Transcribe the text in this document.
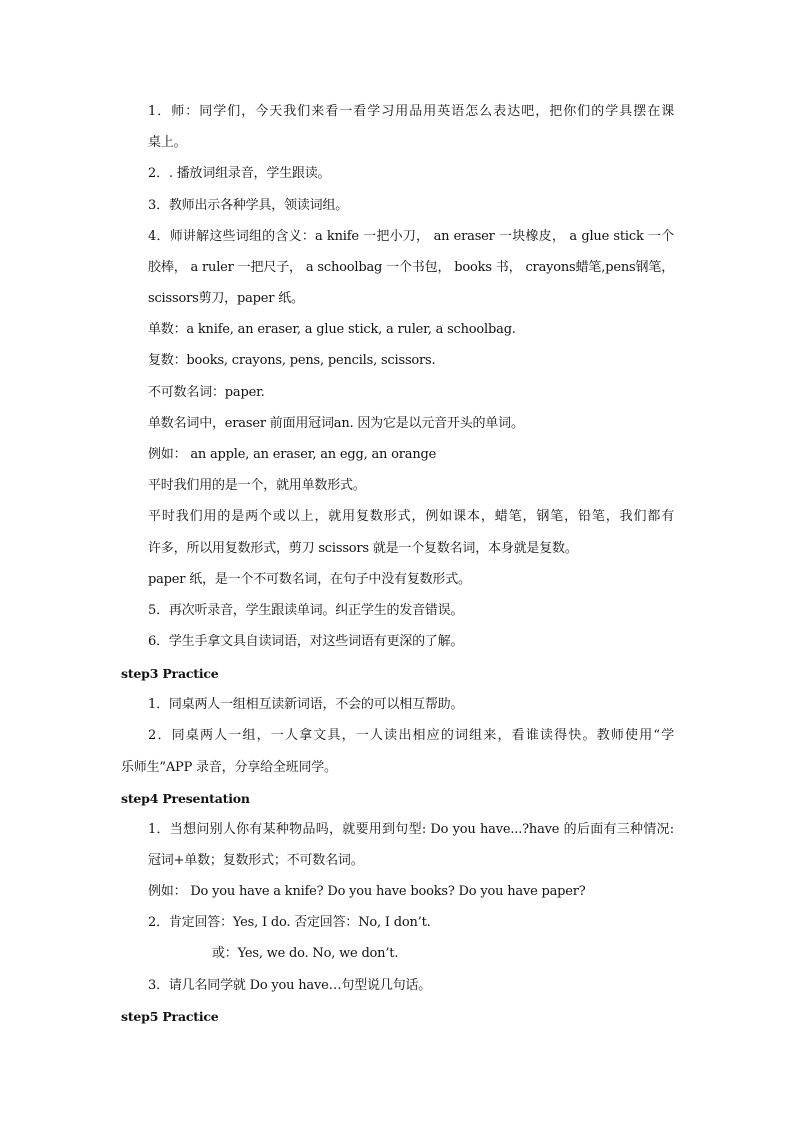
1．师：同学们，今天我们来看一看学习用品用英语怎么表达吧，把你们的学具摆在课
桌上。
2．. 播放词组录音，学生跟读。
3．教师出示各种学具，领读词组。
4．师讲解这些词组的含义：a knife 一把小刀， an eraser 一块橡皮， a glue stick 一个
胶棒， a ruler 一把尺子， a schoolbag 一个书包， books 书， crayons蜡笔,pens钢笔，
scissors剪刀，paper 纸。
单数：a knife, an eraser, a glue stick, a ruler, a schoolbag.
复数：books, crayons, pens, pencils, scissors.
不可数名词：paper.
单数名词中，eraser 前面用冠词an. 因为它是以元音开头的单词。
例如： an apple, an eraser, an egg, an orange
平时我们用的是一个，就用单数形式。
平时我们用的是两个或以上，就用复数形式，例如课本，蜡笔，钢笔，铅笔，我们都有
许多，所以用复数形式，剪刀 scissors 就是一个复数名词，本身就是复数。
paper 纸，是一个不可数名词，在句子中没有复数形式。
5．再次听录音，学生跟读单词。纠正学生的发音错误。
6．学生手拿文具自读词语，对这些词语有更深的了解。
step3 Practice
1．同桌两人一组相互读新词语，不会的可以相互帮助。
2．同桌两人一组，一人拿文具，一人读出相应的词组来，看谁读得快。教师使用“学
乐师生”APP 录音，分享给全班同学。
step4 Presentation
1．当想问别人你有某种物品吗，就要用到句型: Do you have...?have 的后面有三种情况:
冠词+单数；复数形式；不可数名词。
例如： Do you have a knife? Do you have books? Do you have paper?
2．肯定回答：Yes, I do. 否定回答：No, I don’t.
或：Yes, we do. No, we don’t.
3．请几名同学就 Do you have…句型说几句话。
step5 Practice
